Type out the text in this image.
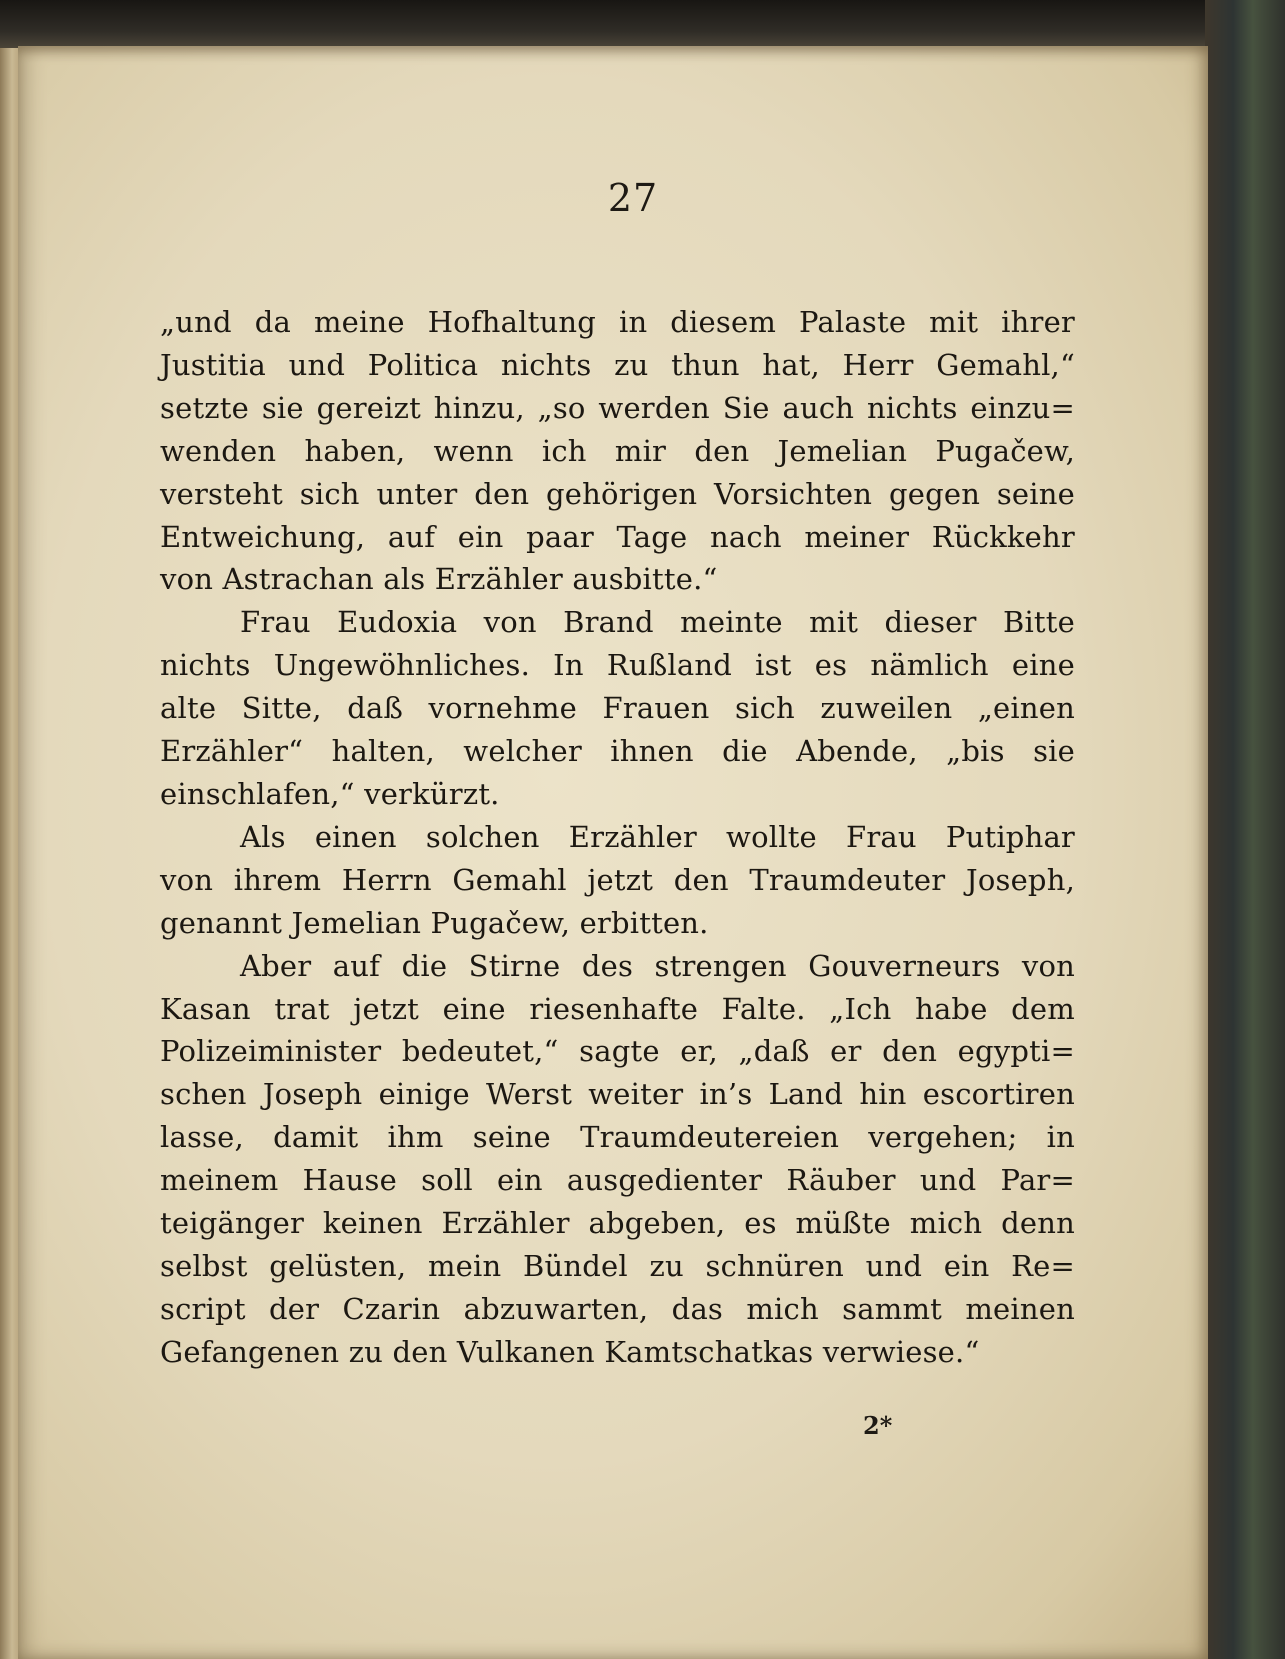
27

„und da meine Hofhaltung in diesem Palaste mit ihrer
Justitia und Politica nichts zu thun hat, Herr Gemahl,“
setzte sie gereizt hinzu, „so werden Sie auch nichts einzu=
wenden haben, wenn ich mir den Jemelian Pugačew,
versteht sich unter den gehörigen Vorsichten gegen seine
Entweichung, auf ein paar Tage nach meiner Rückkehr
von Astrachan als Erzähler ausbitte.“

Frau Eudoxia von Brand meinte mit dieser Bitte
nichts Ungewöhnliches. In Rußland ist es nämlich eine
alte Sitte, daß vornehme Frauen sich zuweilen „einen
Erzähler“ halten, welcher ihnen die Abende, „bis sie
einschlafen,“ verkürzt.

Als einen solchen Erzähler wollte Frau Putiphar
von ihrem Herrn Gemahl jetzt den Traumdeuter Joseph,
genannt Jemelian Pugačew, erbitten.

Aber auf die Stirne des strengen Gouverneurs von
Kasan trat jetzt eine riesenhafte Falte. „Ich habe dem
Polizeiminister bedeutet,“ sagte er, „daß er den egypti=
schen Joseph einige Werst weiter in’s Land hin escortiren
lasse, damit ihm seine Traumdeutereien vergehen; in
meinem Hause soll ein ausgedienter Räuber und Par=
teigänger keinen Erzähler abgeben, es müßte mich denn
selbst gelüsten, mein Bündel zu schnüren und ein Re=
script der Czarin abzuwarten, das mich sammt meinen
Gefangenen zu den Vulkanen Kamtschatkas verwiese.“

2*
